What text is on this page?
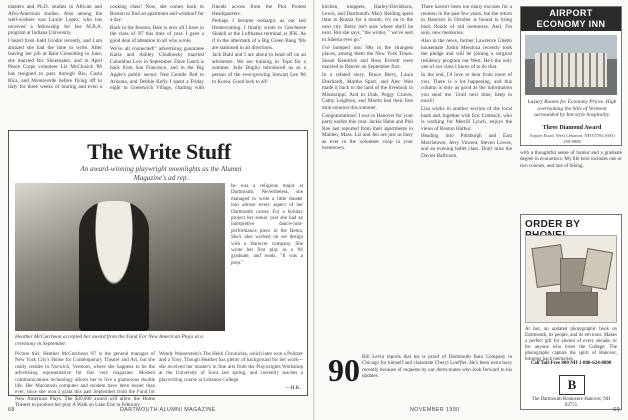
masters and Ph.D. studies in African and Afro-American studies. Also among the well-wishers was Laurie Lopez, who has received a fellowship for her M.B.A. program at Indiana University.

I heard from Judd Grodin recently, and I am amazed she had the time to write. After leaving her job at Bain Consulting in June, she married Ric Shoemaker, and in April Peace Corps volunteer Liz McClosick '86 has resigned to pass through Rio, Costa Rica, and Monteverde before flying off to Italy for three weeks of touring and even a cooking class! Now, she comes back to Boston to find an apartment and windsurf for a day.

Back in the Boston, Bain is now all I have in the class of '87 this time of year. I gave a good deal of attention to all who wrote.

We've all connected!" advertising guarantee Karla and Ashley Chudnosky married Columbus Low in September. Dave Gatch is back from San Francisco, and in the Big Apple's public sector. Ned Gentile fled to Arizona, and Debbie Kelly I spent a Friday night in Greenwich Village, chatting with friends across from the Plot Protest Headquarters.

Perhaps I became nostalgic as our last Homecoming. I finally wrote to Grecheese Shaleli at the Lufthansa terminal at JFK. As if in the aftermath of a Big Green Bang '90s are stationed in all directions.

Jack Buhl and I are about to head off on an adventure. We are training in Tops for a summer. Julie Buglio introduced us as a person of the ever-growing Stewart Lee '86 to Korea. Good luck to all!

The Write Stuff
An award-winning playwright moonlights as the Alumni Magazine's ad rep.
Heather McCutcheon accepted her award from the Fund For New American Plays at a ceremony in September.
he was a religious major at Dartmouth. Nevertheless, she managed to write a little theater into almost every aspect of her Dartmouth career. For a holiday project her senior year she had an interpretive dance-cum-performance piece in the Bema. She's also worked on set design with a Hanover company. She wrote her first play as a '86 graduate, and reads, "It was a prep."
Picture this: Heather McCutcheon '87 is the general manager of New York City's Home for Contemporary Theater and Art, but she really resides in Norwich, Vermont, where she happens to be the advertising representative for this very magazine. Modern communications technology allows her to live a glamorous double life. Her Macintosh computer and modem have been busier than ever, since she won a grant this past September from the Fund for New American Plays. The $30,000 award will allow the Home Theater to produce her play A Walk on Lake Erie in February.
Wendy Wasserstein's The Heidi Chronicles, which later won a Pulitzer and a Tony. Though Heather has plenty of background for her work—she received her master's in fine arts from the Playwrights Workshop at the University of Iowa last spring, and currently teaches a playwriting course at Lebanon College.
—H.K.

kitchen, muppets, Harley-Davidsons, Lewis, and Dartmouth. Mary Belding spent time in Russia for a month, it's on to the next city. Betsy isn't sure where she'll be next. But she says, "the winter, " we've sent to Siberia ever go."

I've bumped into '88s in the strangest places, among them the New York Times. Susan Kendrick and Ross Everett were married in Denver on September first.

In a related story, Bruce Berry, Laura Eberhardt, Martha Sparr, and Alec Wen made it back to the land of the livestock in Mississippi. And in Utah, Peggy Graves, Cathy Leighton, and Martin had their first mini-reunion this summer.

Congratulations! I was in Hanover for your party earlier this year. Jackie Hahn and Phil Roe last reported from their apartments in Malden, Mass. Liz and Jen are just as busy as ever in the volunteer coop in your hometown.

There haven't been too many excuses for a reunion in the past few years, but the return to Hanover in October is bound to bring back floods of old memories. And, I'm sure, new memories.

Also in the news, former Lawrence Ghetto housemate Justin Mendoza recently took the pledge and will be joining a surgical residency program out West. He's the only one of our class I know of to do that.

In the end, I'd love to hear from more of you. There is a lot happening, and this column is only as good as the information you send me. Until next time, keep in touch!

Lisa works in another section of the local bank and, together with Eric Limback, who is working for Merrill Lynch, enjoys the views of Boston Harbor.

Heading into Pittsburgh and East Morristown, Jerry Vincent, Steven Lowes, and an evening ballet class. Don't miss the Davies Ballroom.

90 Bill Levin reports that his is proof of Dartmouth Bain Company in Chicago for himself and classmate Cheryl Loeffler. He's been extra busy recently because of requests by our dorm-mates who look forward to his updates.
AIRPORT
ECONOMY INN
Luxury Rooms for Economy Prices. High overlooking the hills of Vermont surrounded by Inn-style hospitality.
Three Diamond Award
Airport Road, West Lebanon, NH 03784 (603) 298-8888
ORDER BY
At last, an updated photographic book on Dartmouth, its people, and its environs. Makes a perfect gift for alumni of every decade, or for anyone who loves the College. The photographs capture the spirit of Hanover, bringing back memories.
Call Toll-Free 800 NH 1-800-624-8800
B
The Dartmouth Bookstore Hanover, NH 03755
with a thoughtful sense of humor and a graduate degree in economics. My life here includes one or two courses, and lots of hiking.
68	DARTMOUTH ALUMNI MAGAZINE	NOVEMBER 1990	69
